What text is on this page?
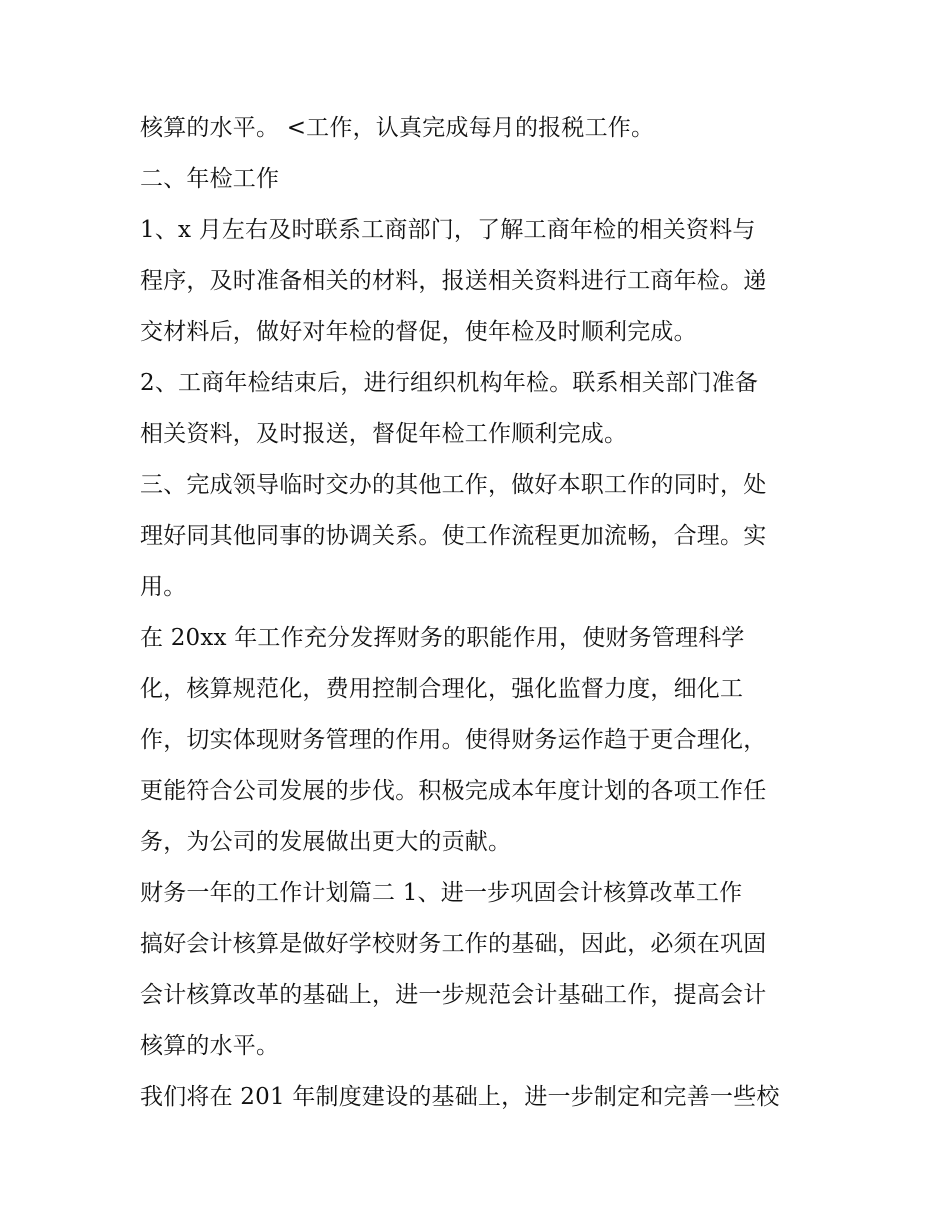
核算的水平。 <工作，认真完成每月的报税工作。
二、年检工作
1、x 月左右及时联系工商部门，了解工商年检的相关资料与
程序，及时准备相关的材料，报送相关资料进行工商年检。递
交材料后，做好对年检的督促，使年检及时顺利完成。
2、工商年检结束后，进行组织机构年检。联系相关部门准备
相关资料，及时报送，督促年检工作顺利完成。
三、完成领导临时交办的其他工作，做好本职工作的同时，处
理好同其他同事的协调关系。使工作流程更加流畅，合理。实
用。
在 20xx 年工作充分发挥财务的职能作用，使财务管理科学
化，核算规范化，费用控制合理化，强化监督力度，细化工
作，切实体现财务管理的作用。使得财务运作趋于更合理化，
更能符合公司发展的步伐。积极完成本年度计划的各项工作任
务，为公司的发展做出更大的贡献。
财务一年的工作计划篇二 1、进一步巩固会计核算改革工作
搞好会计核算是做好学校财务工作的基础，因此，必须在巩固
会计核算改革的基础上，进一步规范会计基础工作，提高会计
核算的水平。
我们将在 201 年制度建设的基础上，进一步制定和完善一些校
